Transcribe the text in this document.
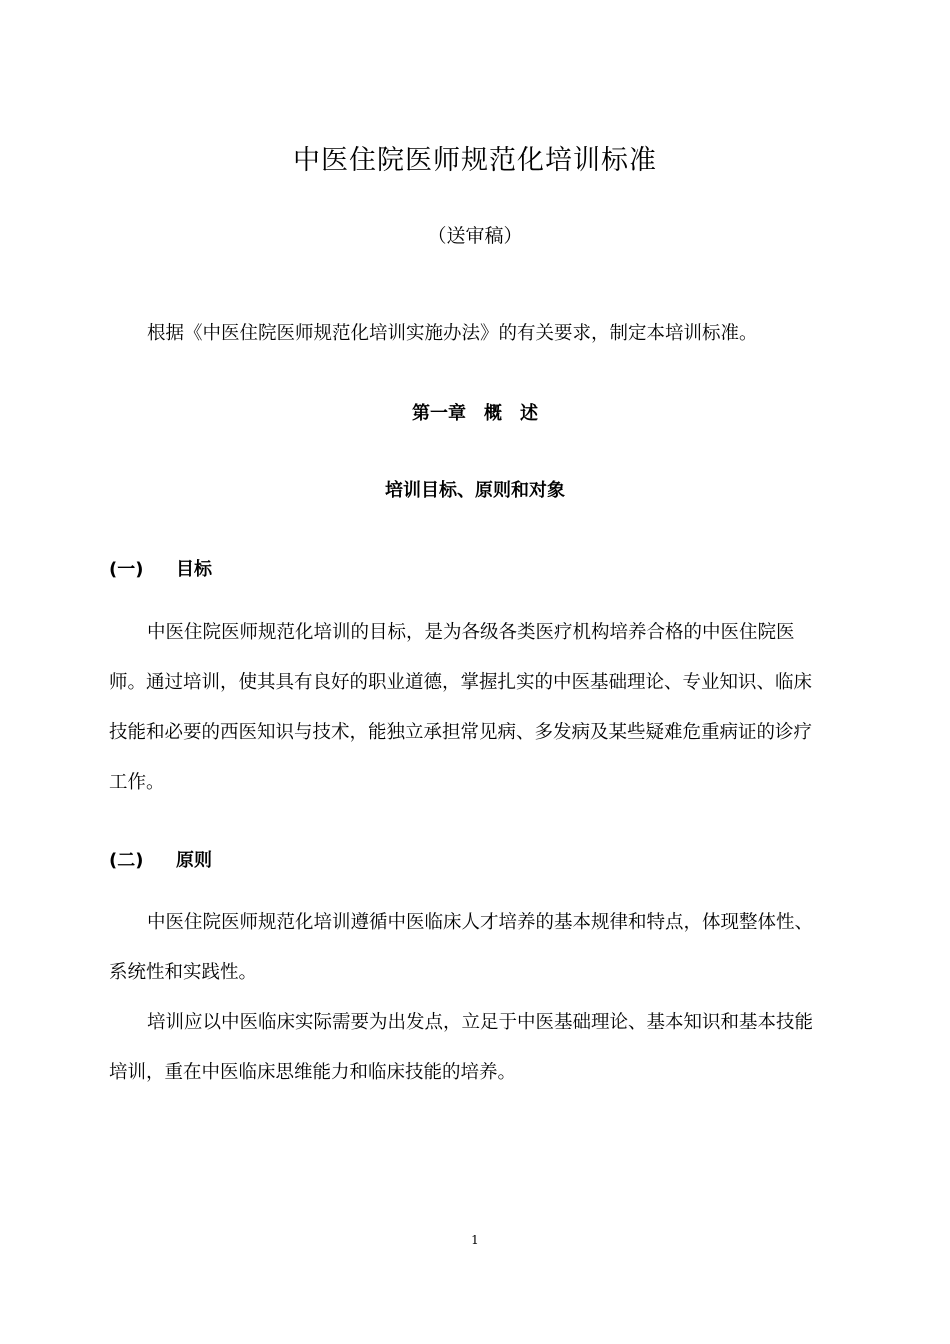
中医住院医师规范化培训标准
（送审稿）
根据《中医住院医师规范化培训实施办法》的有关要求，制定本培训标准。
第一章 概 述
培训目标、原则和对象
(一) 目标
中医住院医师规范化培训的目标，是为各级各类医疗机构培养合格的中医住院医
师。通过培训，使其具有良好的职业道德，掌握扎实的中医基础理论、专业知识、临床
技能和必要的西医知识与技术，能独立承担常见病、多发病及某些疑难危重病证的诊疗
工作。
(二) 原则
中医住院医师规范化培训遵循中医临床人才培养的基本规律和特点，体现整体性、
系统性和实践性。
培训应以中医临床实际需要为出发点，立足于中医基础理论、基本知识和基本技能
培训，重在中医临床思维能力和临床技能的培养。
1
